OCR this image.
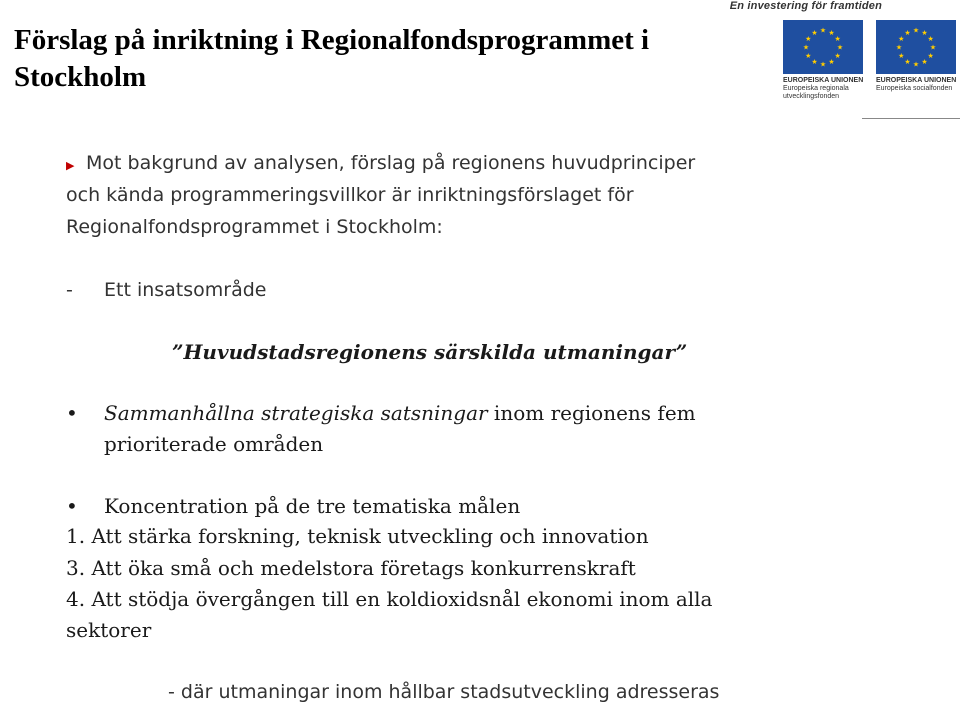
Förslag på inriktning i Regionalfondsprogrammet i
Stockholm
En investering för framtiden
★ ★
★
★
★
★
★
★
★
★
★
★
EUROPEISKA UNIONEN
Europeiska regionala
utvecklingsfonden
★ ★
★
★
★
★
★
★
★
★
★
★
EUROPEISKA UNIONEN
Europeiska socialfonden
▶ Mot bakgrund av analysen, förslag på regionens huvudprinciper
och kända programmeringsvillkor är inriktningsförslaget för
Regionalfondsprogrammet i Stockholm:
- Ett insatsområde
”Huvudstadsregionens särskilda utmaningar”
• Sammanhållna strategiska satsningar inom regionens fem
prioriterade områden
• Koncentration på de tre tematiska målen
1. Att stärka forskning, teknisk utveckling och innovation
3. Att öka små och medelstora företags konkurrenskraft
4. Att stödja övergången till en koldioxidsnål ekonomi inom alla
sektorer
- där utmaningar inom hållbar stadsutveckling adresseras
